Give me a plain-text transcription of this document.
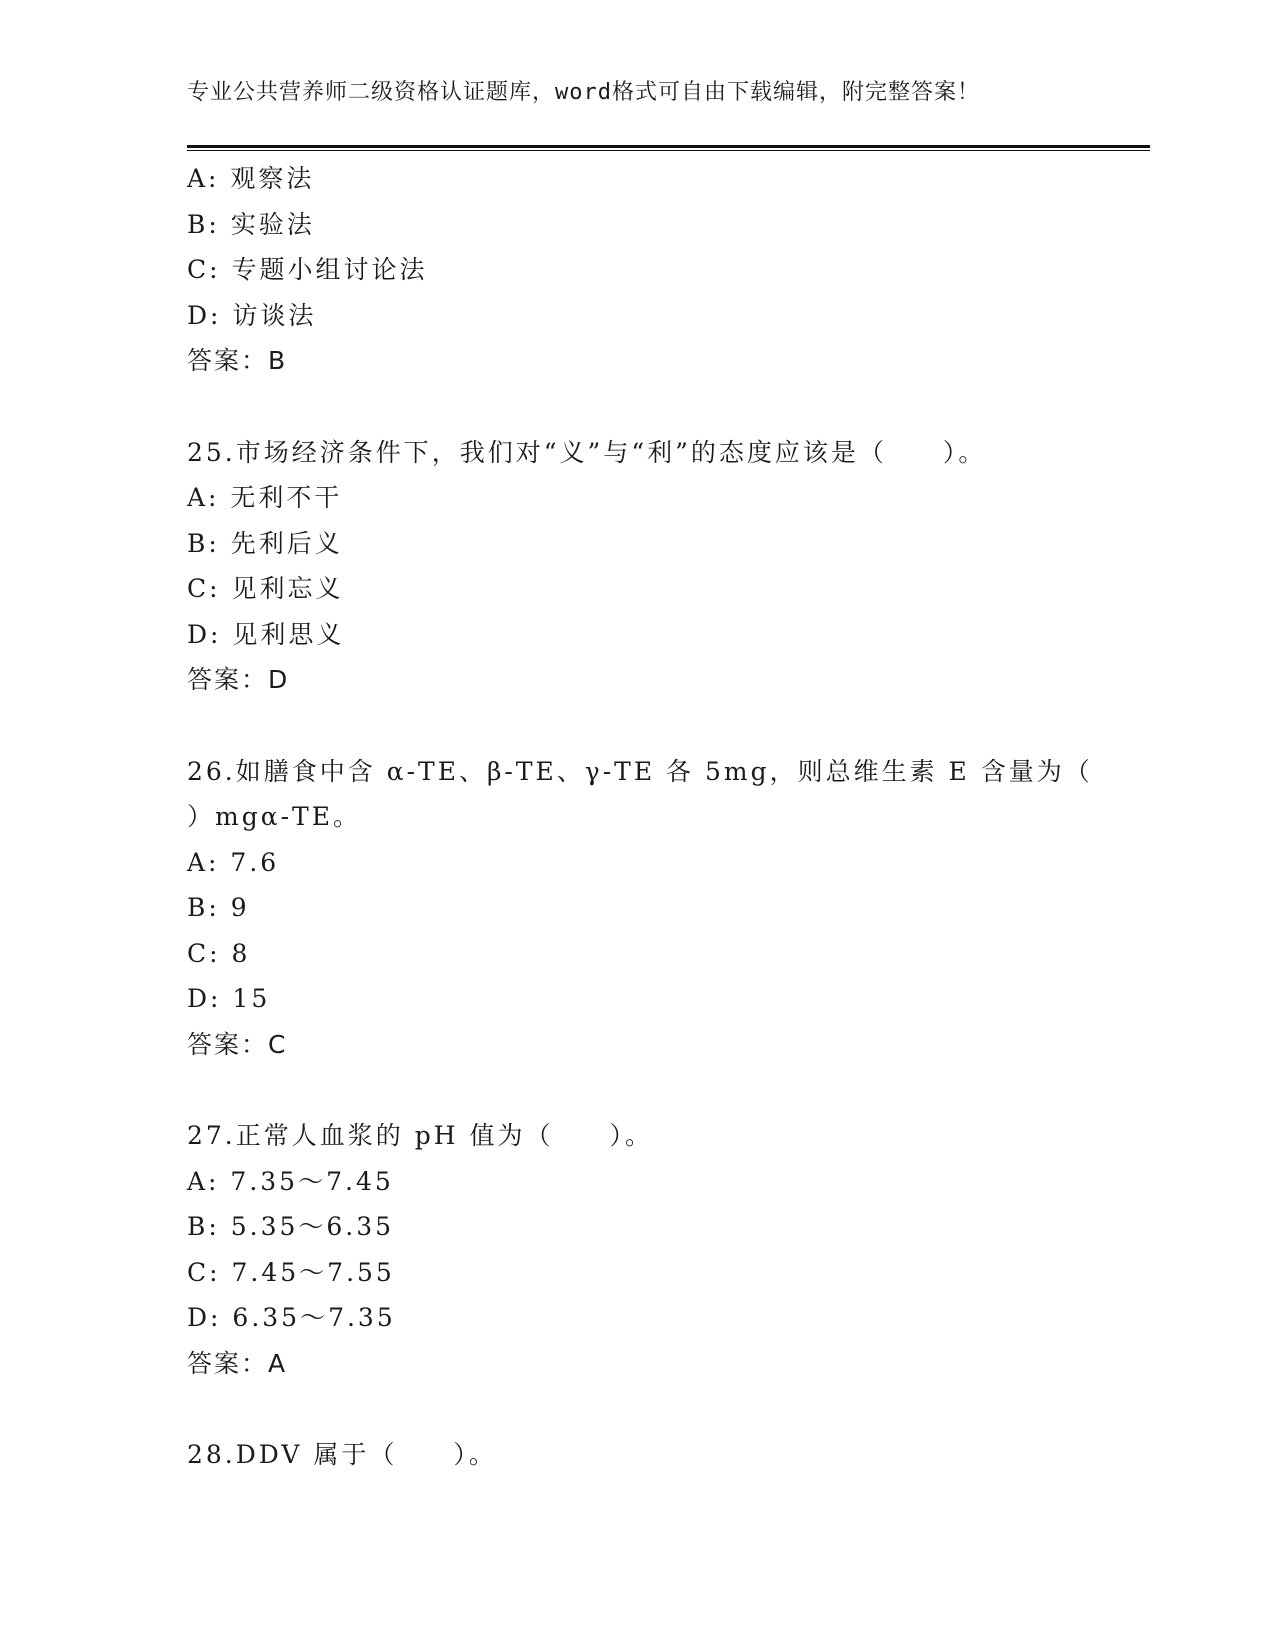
专业公共营养师二级资格认证题库，word格式可自由下载编辑，附完整答案！
A: 观察法
B: 实验法
C: 专题小组讨论法
D: 访谈法
答案：B
25.市场经济条件下，我们对“义”与“利”的态度应该是（　　）。
A: 无利不干
B: 先利后义
C: 见利忘义
D: 见利思义
答案：D
26.如膳食中含 α-TE、β-TE、γ-TE 各 5mg，则总维生素 E 含量为（
）mgα-TE。
A: 7.6
B: 9
C: 8
D: 15
答案：C
27.正常人血浆的 pH 值为（　　）。
A: 7.35～7.45
B: 5.35～6.35
C: 7.45～7.55
D: 6.35～7.35
答案：A
28.DDV 属于（　　）。
